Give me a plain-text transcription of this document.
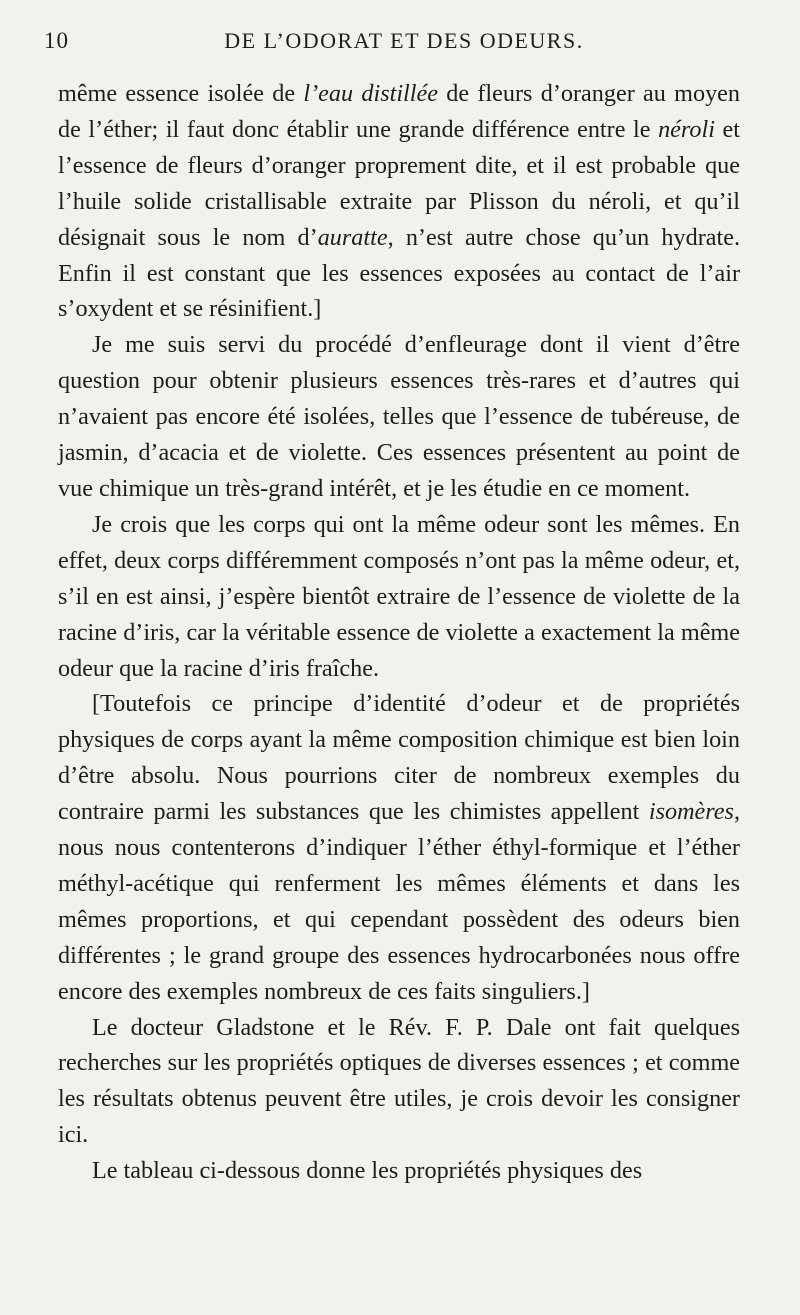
10	DE L’ODORAT ET DES ODEURS.

même essence isolée de l’eau distillée de fleurs d’oranger au moyen de l’éther; il faut donc établir une grande différence entre le néroli et l’essence de fleurs d’oranger proprement dite, et il est probable que l’huile solide cristallisable extraite par Plisson du néroli, et qu’il désignait sous le nom d’auratte, n’est autre chose qu’un hydrate. Enfin il est constant que les essences exposées au contact de l’air s’oxydent et se résinifient.]

Je me suis servi du procédé d’enfleurage dont il vient d’être question pour obtenir plusieurs essences très-rares et d’autres qui n’avaient pas encore été isolées, telles que l’essence de tubéreuse, de jasmin, d’acacia et de violette. Ces essences présentent au point de vue chimique un très-grand intérêt, et je les étudie en ce moment.

Je crois que les corps qui ont la même odeur sont les mêmes. En effet, deux corps différemment composés n’ont pas la même odeur, et, s’il en est ainsi, j’espère bientôt extraire de l’essence de violette de la racine d’iris, car la véritable essence de violette a exactement la même odeur que la racine d’iris fraîche.

[Toutefois ce principe d’identité d’odeur et de propriétés physiques de corps ayant la même composition chimique est bien loin d’être absolu. Nous pourrions citer de nombreux exemples du contraire parmi les substances que les chimistes appellent isomères, nous nous contenterons d’indiquer l’éther éthyl-formique et l’éther méthyl-acétique qui renferment les mêmes éléments et dans les mêmes proportions, et qui cependant possèdent des odeurs bien différentes ; le grand groupe des essences hydrocarbonées nous offre encore des exemples nombreux de ces faits singuliers.]

Le docteur Gladstone et le Rév. F. P. Dale ont fait quelques recherches sur les propriétés optiques de diverses essences ; et comme les résultats obtenus peuvent être utiles, je crois devoir les consigner ici.

Le tableau ci-dessous donne les propriétés physiques des
